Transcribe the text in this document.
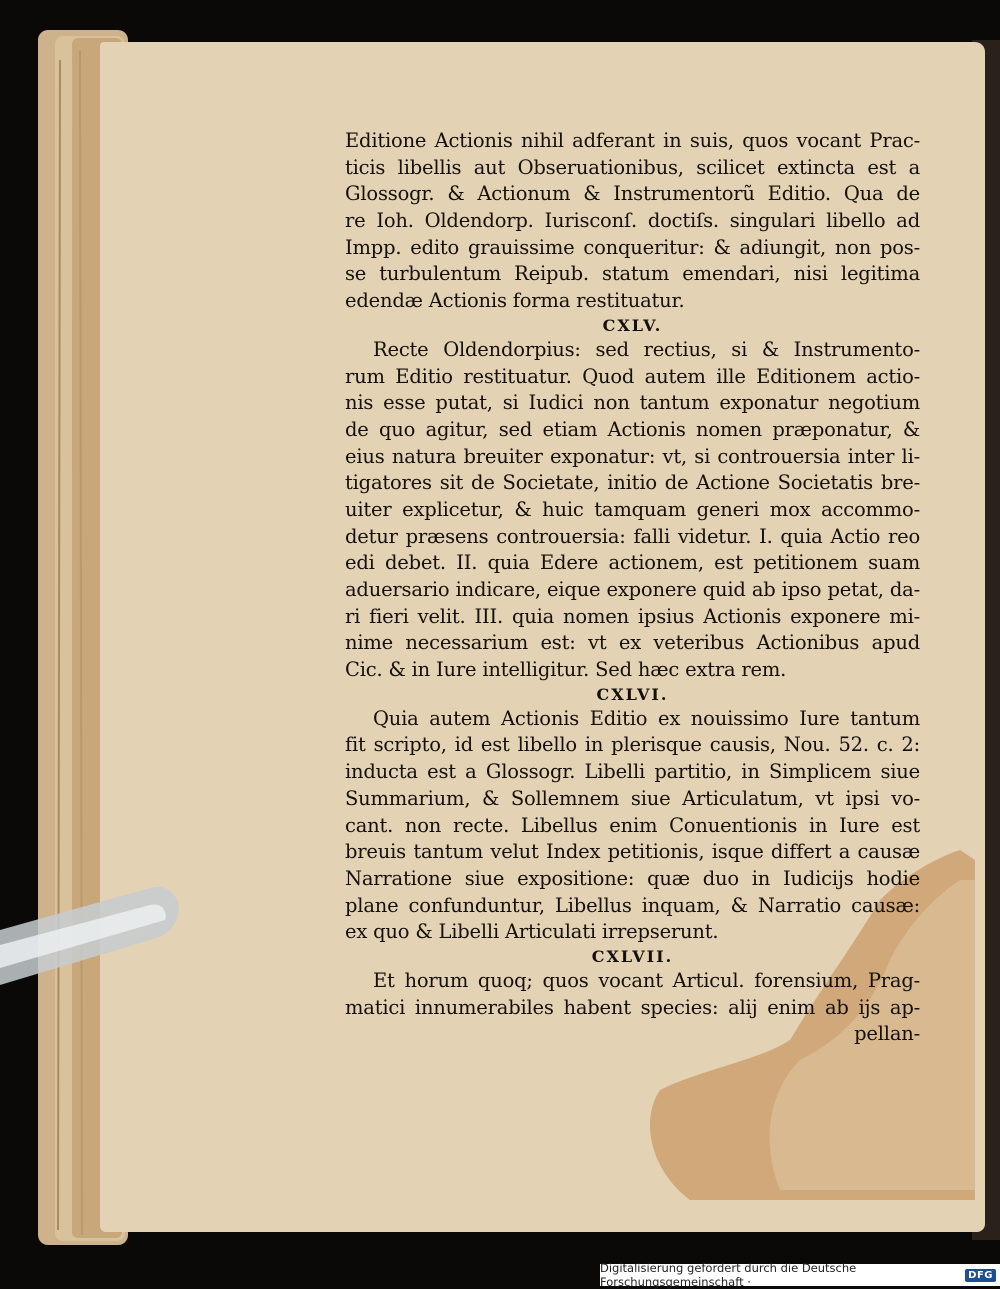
Editione Actionis nihil adferant in suis, quos vocant Prac-
ticis libellis aut Obseruationibus, scilicet extincta est a
Glossogr. & Actionum & Instrumentorũ Editio. Qua de
re Ioh. Oldendorp. Iurisconſ. doctiſs. singulari libello ad
Impp. edito grauissime conqueritur: & adiungit, non pos-
se turbulentum Reipub. statum emendari, nisi legitima
edendæ Actionis forma restituatur.
CXLV.
Recte Oldendorpius: sed rectius, si & Instrumento-
rum Editio restituatur. Quod autem ille Editionem actio-
nis esse putat, si Iudici non tantum exponatur negotium
de quo agitur, sed etiam Actionis nomen præponatur, &
eius natura breuiter exponatur: vt, si controuersia inter li-
tigatores sit de Societate, initio de Actione Societatis bre-
uiter explicetur, & huic tamquam generi mox accommo-
detur præsens controuersia: falli videtur. I. quia Actio reo
edi debet. II. quia Edere actionem, est petitionem suam
aduersario indicare, eique exponere quid ab ipso petat, da-
ri fieri velit. III. quia nomen ipsius Actionis exponere mi-
nime necessarium est: vt ex veteribus Actionibus apud
Cic. & in Iure intelligitur. Sed hæc extra rem.
CXLVI.
Quia autem Actionis Editio ex nouissimo Iure tantum
fit scripto, id est libello in plerisque causis, Nou. 52. c. 2:
inducta est a Glossogr. Libelli partitio, in Simplicem siue
Summarium, & Sollemnem siue Articulatum, vt ipsi vo-
cant. non recte. Libellus enim Conuentionis in Iure est
breuis tantum velut Index petitionis, isque differt a causæ
Narratione siue expositione: quæ duo in Iudicijs hodie
plane confunduntur, Libellus inquam, & Narratio causæ:
ex quo & Libelli Articulati irrepserunt.
CXLVII.
Et horum quoq; quos vocant Articul. forensium, Prag-
matici innumerabiles habent species: alij enim ab ijs ap-
pellan-
Digitalisierung gefördert durch die Deutsche Forschungsgemeinschaft ·	DFG
